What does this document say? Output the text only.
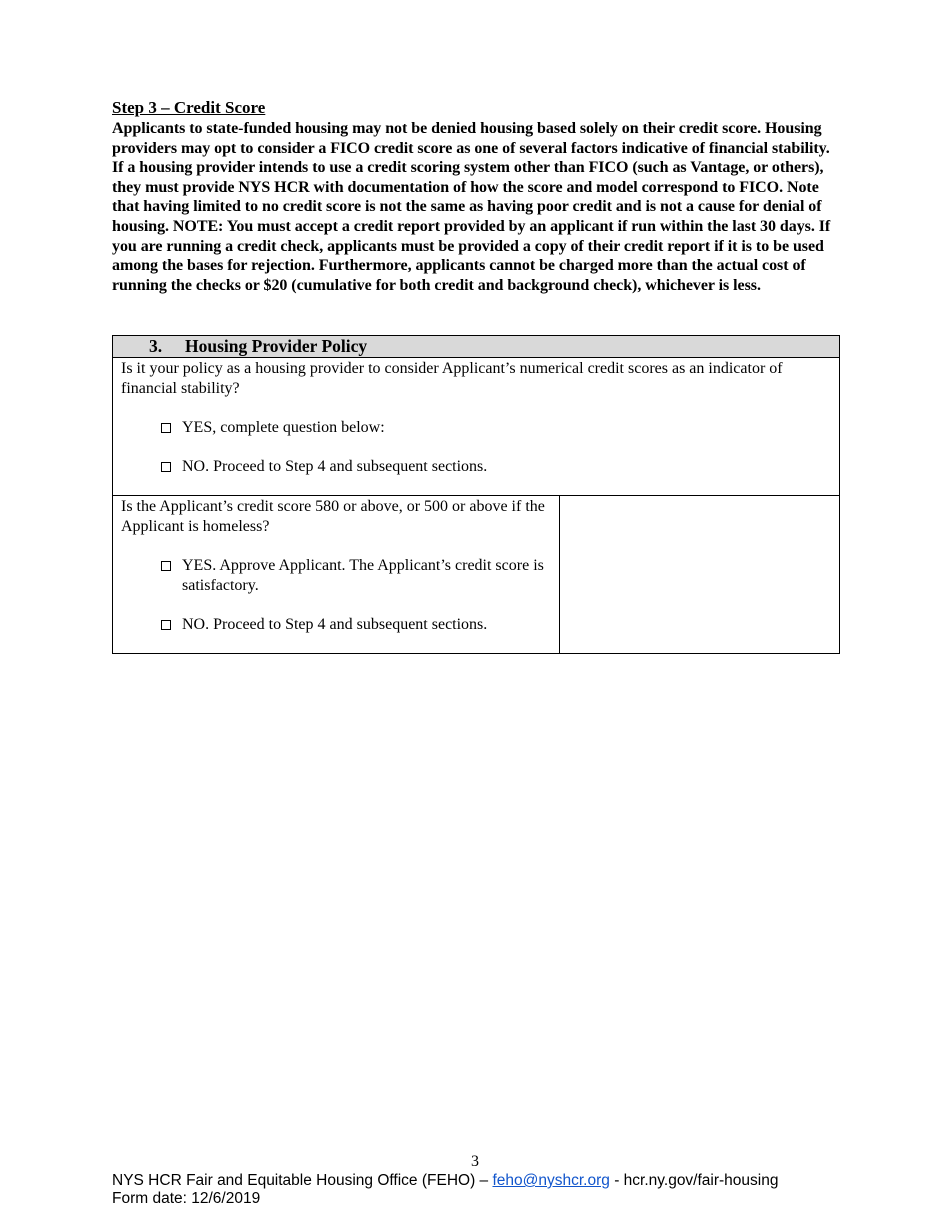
Step 3 – Credit Score

Applicants to state-funded housing may not be denied housing based solely on their credit score. Housing providers may opt to consider a FICO credit score as one of several factors indicative of financial stability. If a housing provider intends to use a credit scoring system other than FICO (such as Vantage, or others), they must provide NYS HCR with documentation of how the score and model correspond to FICO. Note that having limited to no credit score is not the same as having poor credit and is not a cause for denial of housing. NOTE: You must accept a credit report provided by an applicant if run within the last 30 days. If you are running a credit check, applicants must be provided a copy of their credit report if it is to be used among the bases for rejection. Furthermore, applicants cannot be charged more than the actual cost of running the checks or $20 (cumulative for both credit and background check), whichever is less.

3. Housing Provider Policy

Is it your policy as a housing provider to consider Applicant’s numerical credit scores as an indicator of financial stability?

YES, complete question below:
NO. Proceed to Step 4 and subsequent sections.

Is the Applicant’s credit score 580 or above, or 500 or above if the Applicant is homeless?

YES. Approve Applicant. The Applicant’s credit score is satisfactory.
NO. Proceed to Step 4 and subsequent sections.

3
NYS HCR Fair and Equitable Housing Office (FEHO) – feho@nyshcr.org - hcr.ny.gov/fair-housing
Form date: 12/6/2019
